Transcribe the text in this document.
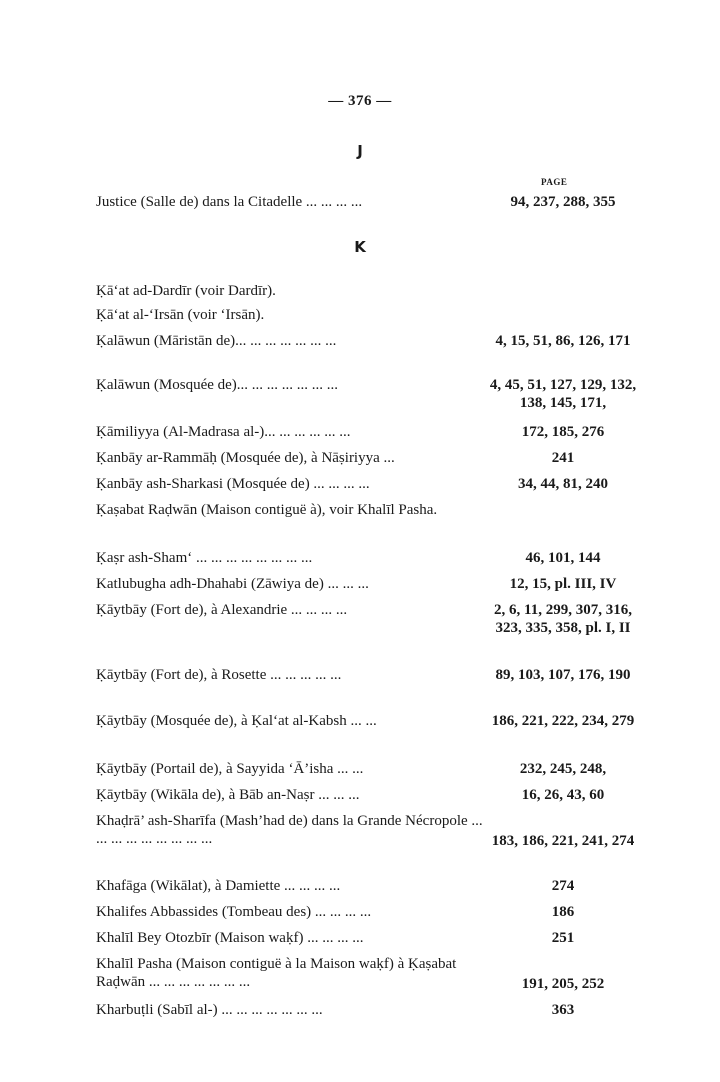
— 376 —
J
PAGE
Justice (Salle de) dans la Citadelle ... ... ... ...	94, 237, 288, 355
K
Ḳā‘at ad-Dardīr (voir Dardīr).
Ḳā‘at al-‘Irsān (voir ‘Irsān).
Ḳalāwun (Māristān de)... ... ... ... ... ... ...	4, 15, 51, 86, 126, 171
Ḳalāwun (Mosquée de)... ... ... ... ... ... ...	4, 45, 51, 127, 129, 132, 138, 145, 171,
Ḳāmiliyya (Al-Madrasa al-)... ... ... ... ... ...	172, 185, 276
Ḳanbāy ar-Rammāḥ (Mosquée de), à Nāṣiriyya ...	241
Ḳanbāy ash-Sharkasi (Mosquée de) ... ... ... ...	34, 44, 81, 240
Ḳaṣabat Raḍwān (Maison contiguë à), voir Khalīl Pasha.
Ḳaṣr ash-Sham‘ ... ... ... ... ... ... ... ...	46, 101, 144
Katlubugha adh-Dhahabi (Zāwiya de) ... ... ...	12, 15, pl. III, IV
Ḳāytbāy (Fort de), à Alexandrie ... ... ... ...	2, 6, 11, 299, 307, 316, 323, 335, 358, pl. I, II
Ḳāytbāy (Fort de), à Rosette ... ... ... ... ...	89, 103, 107, 176, 190
Ḳāytbāy (Mosquée de), à Ḳal‘at al-Kabsh ... ...	186, 221, 222, 234, 279
Ḳāytbāy (Portail de), à Sayyida ‘Ā’isha ... ...	232, 245, 248,
Ḳāytbāy (Wikāla de), à Bāb an-Naṣr ... ... ...	16, 26, 43, 60
Khaḍrā’ ash-Sharīfa (Mash’had de) dans la Grande Nécropole ... ... ... ... ... ... ... ... ...	183, 186, 221, 241, 274
Khafāga (Wikālat), à Damiette ... ... ... ...	274
Khalifes Abbassides (Tombeau des) ... ... ... ...	186
Khalīl Bey Otozbīr (Maison waḳf) ... ... ... ...	251
Khalīl Pasha (Maison contiguë à la Maison waḳf) à Ḳaṣabat Raḍwān ... ... ... ... ... ... ...	191, 205, 252
Kharbuṭli (Sabīl al-) ... ... ... ... ... ... ...	363
